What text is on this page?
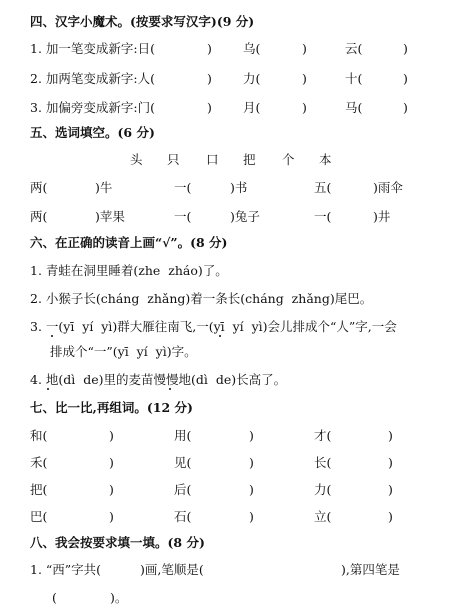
四、汉字小魔术。(按要求写汉字)(9 分)
1. 加一笔变成新字:日(	) 乌(	)	云(	)
2. 加两笔变成新字:人(	) 力(	)	十(	)
3. 加偏旁变成新字:门(	) 月(	)	马(	)
五、选词填空。(6 分)
头 只 口 把 个 本
两(	)牛	一(	)书	五(	)雨伞
两(	)苹果	一(	)兔子	一(	)井
六、在正确的读音上画“√”。(8 分)
1. 青蛙在洞里睡着(zhe  zháo)了。
2. 小猴子长(cháng  zhǎng)着一条长(cháng  zhǎng)尾巴。
3. 一(yī  yí  yì)群大雁往南飞,一(yī  yí  yì)会儿排成个“人”字,一会
排成个“一”(yī  yí  yì)字。
4. 地(dì  de)里的麦苗慢慢地(dì  de)长高了。
七、比一比,再组词。(12 分)
和(	)	用(	)	才(	)
禾(	)	见(	)	长(	)
把(	)	后(	)	力(	)
巴(	)	石(	)	立(	)
八、我会按要求填一填。(8 分)
1. “西”字共(	)画,笔顺是(	),第四笔是
(	)。
